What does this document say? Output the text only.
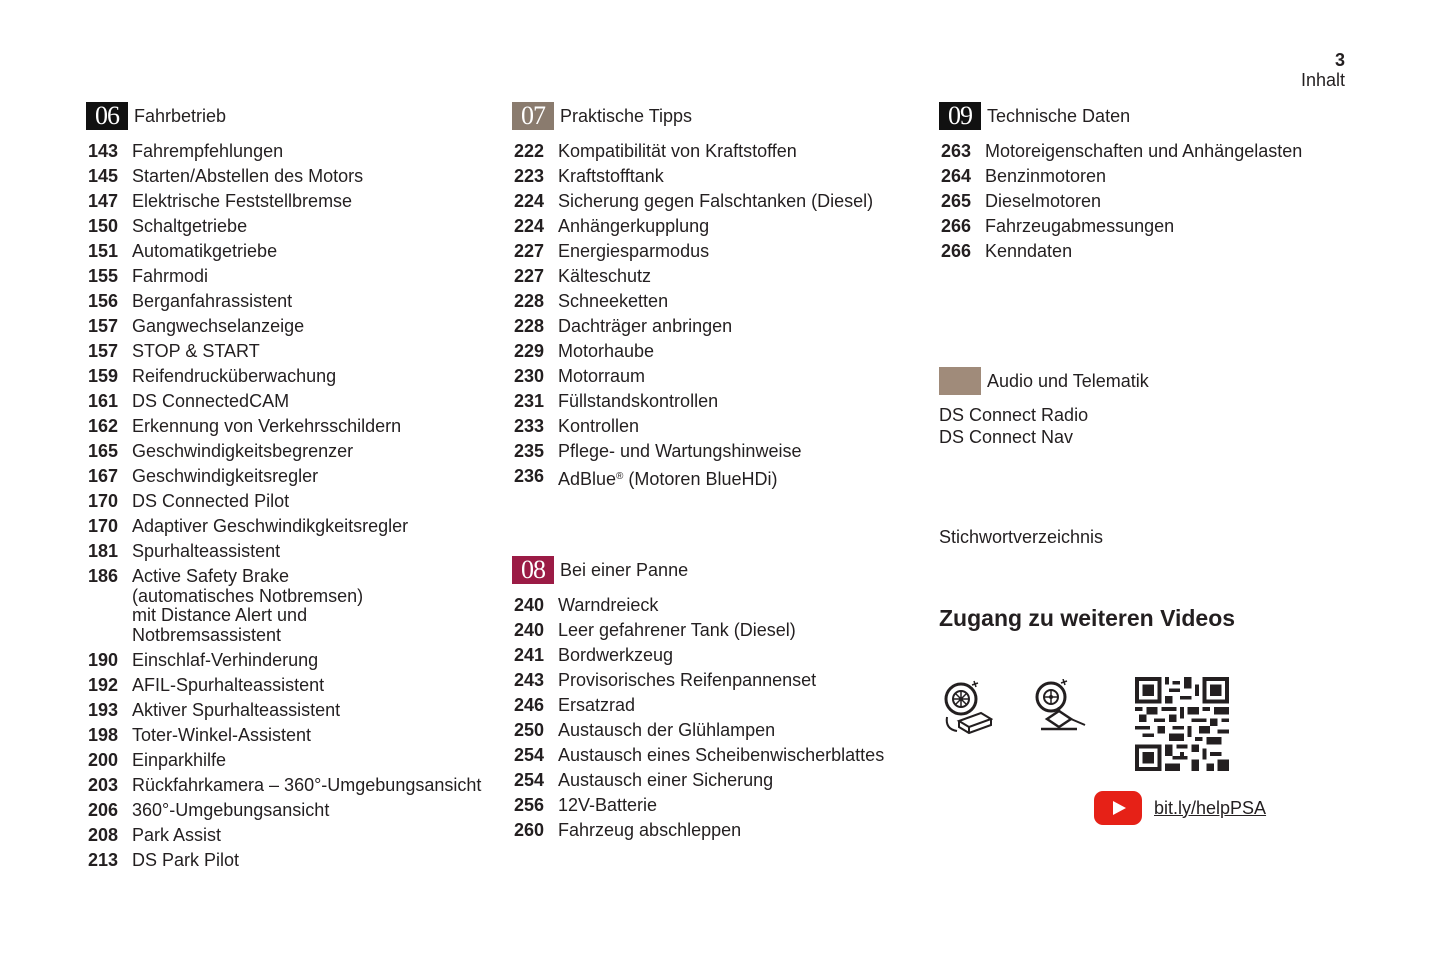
3
Inhalt
06 Fahrbetrieb
143 Fahrempfehlungen
145 Starten/Abstellen des Motors
147 Elektrische Feststellbremse
150 Schaltgetriebe
151 Automatikgetriebe
155 Fahrmodi
156 Berganfahrassistent
157 Gangwechselanzeige
157 STOP & START
159 Reifendrucküberwachung
161 DS ConnectedCAM
162 Erkennung von Verkehrsschildern
165 Geschwindigkeitsbegrenzer
167 Geschwindigkeitsregler
170 DS Connected Pilot
170 Adaptiver Geschwindikgkeitsregler
181 Spurhalteassistent
186 Active Safety Brake (automatisches Notbremsen) mit Distance Alert und Notbremsassistent
190 Einschlaf-Verhinderung
192 AFIL-Spurhalteassistent
193 Aktiver Spurhalteassistent
198 Toter-Winkel-Assistent
200 Einparkhilfe
203 Rückfahrkamera – 360°-Umgebungsansicht
206 360°-Umgebungsansicht
208 Park Assist
213 DS Park Pilot
07 Praktische Tipps
222 Kompatibilität von Kraftstoffen
223 Kraftstofftank
224 Sicherung gegen Falschtanken (Diesel)
224 Anhängerkupplung
227 Energiesparmodus
227 Kälteschutz
228 Schneeketten
228 Dachträger anbringen
229 Motorhaube
230 Motorraum
231 Füllstandskontrollen
233 Kontrollen
235 Pflege- und Wartungshinweise
236 AdBlue® (Motoren BlueHDi)
08 Bei einer Panne
240 Warndreieck
240 Leer gefahrener Tank (Diesel)
241 Bordwerkzeug
243 Provisorisches Reifenpannenset
246 Ersatzrad
250 Austausch der Glühlampen
254 Austausch eines Scheibenwischerblattes
254 Austausch einer Sicherung
256 12V-Batterie
260 Fahrzeug abschleppen
09 Technische Daten
263 Motoreigenschaften und Anhängelasten
264 Benzinmotoren
265 Dieselmotoren
266 Fahrzeugabmessungen
266 Kenndaten
Audio und Telematik
DS Connect Radio
DS Connect Nav
Stichwortverzeichnis
Zugang zu weiteren Videos
bit.ly/helpPSA
